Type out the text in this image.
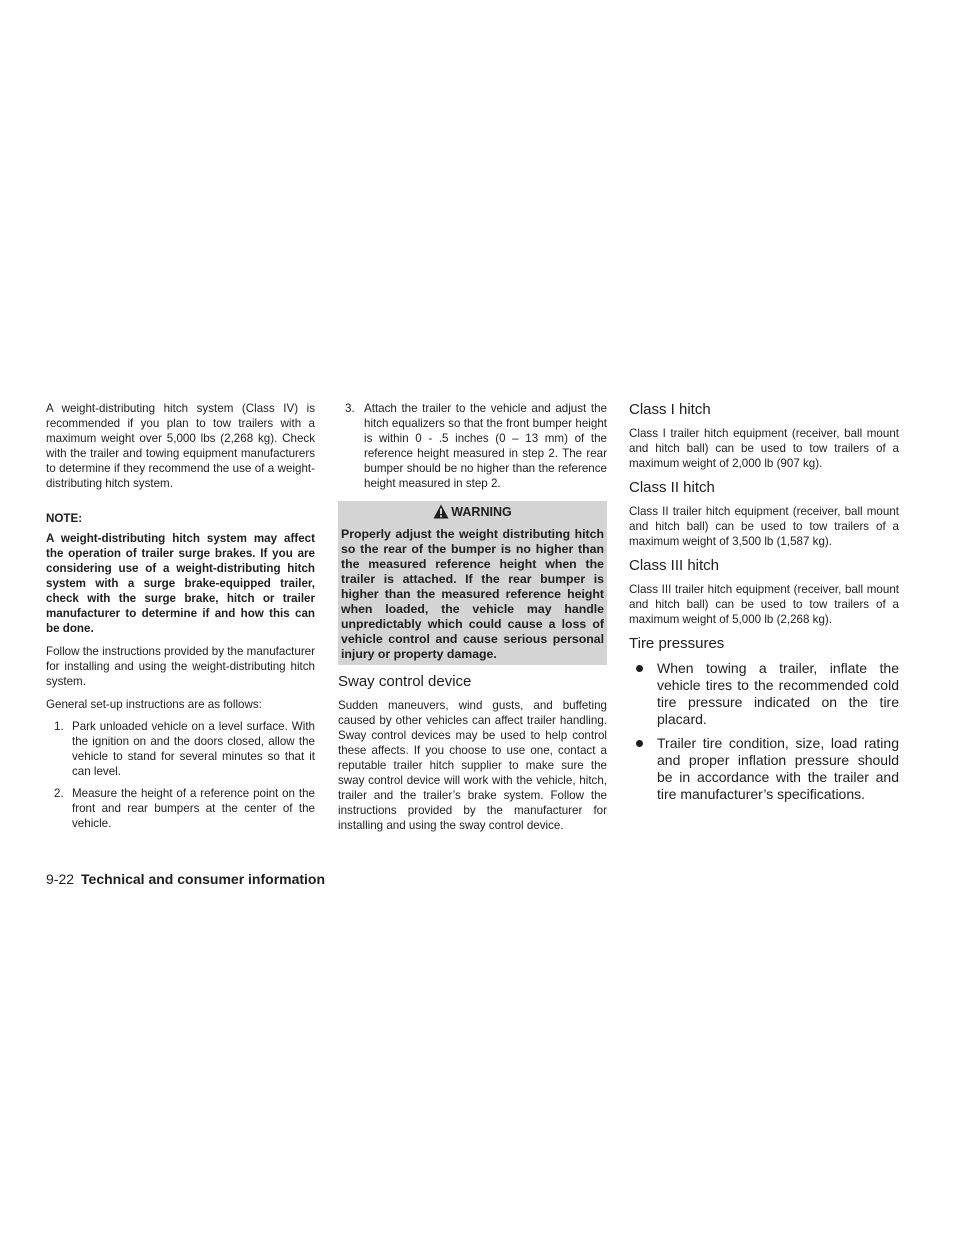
A weight-distributing hitch system (Class IV) is recommended if you plan to tow trailers with a maximum weight over 5,000 lbs (2,268 kg). Check with the trailer and towing equipment manufacturers to determine if they recommend the use of a weight-distributing hitch system.

NOTE:

A weight-distributing hitch system may affect the operation of trailer surge brakes. If you are considering use of a weight-distributing hitch system with a surge brake-equipped trailer, check with the surge brake, hitch or trailer manufacturer to determine if and how this can be done.

Follow the instructions provided by the manufacturer for installing and using the weight-distributing hitch system.

General set-up instructions are as follows:

1. Park unloaded vehicle on a level surface. With the ignition on and the doors closed, allow the vehicle to stand for several minutes so that it can level.
2. Measure the height of a reference point on the front and rear bumpers at the center of the vehicle.
3. Attach the trailer to the vehicle and adjust the hitch equalizers so that the front bumper height is within 0 - .5 inches (0 – 13 mm) of the reference height measured in step 2. The rear bumper should be no higher than the reference height measured in step 2.
WARNING

Properly adjust the weight distributing hitch so the rear of the bumper is no higher than the measured reference height when the trailer is attached. If the rear bumper is higher than the measured reference height when loaded, the vehicle may handle unpredictably which could cause a loss of vehicle control and cause serious personal injury or property damage.

Sway control device

Sudden maneuvers, wind gusts, and buffeting caused by other vehicles can affect trailer handling. Sway control devices may be used to help control these affects. If you choose to use one, contact a reputable trailer hitch supplier to make sure the sway control device will work with the vehicle, hitch, trailer and the trailer’s brake system. Follow the instructions provided by the manufacturer for installing and using the sway control device.

Class I hitch

Class I trailer hitch equipment (receiver, ball mount and hitch ball) can be used to tow trailers of a maximum weight of 2,000 lb (907 kg).

Class II hitch

Class II trailer hitch equipment (receiver, ball mount and hitch ball) can be used to tow trailers of a maximum weight of 3,500 lb (1,587 kg).

Class III hitch

Class III trailer hitch equipment (receiver, ball mount and hitch ball) can be used to tow trailers of a maximum weight of 5,000 lb (2,268 kg).

Tire pressures
When towing a trailer, inflate the vehicle tires to the recommended cold tire pressure indicated on the tire placard.
Trailer tire condition, size, load rating and proper inflation pressure should be in accordance with the trailer and tire manufacturer’s specifications.
9-22 Technical and consumer information
